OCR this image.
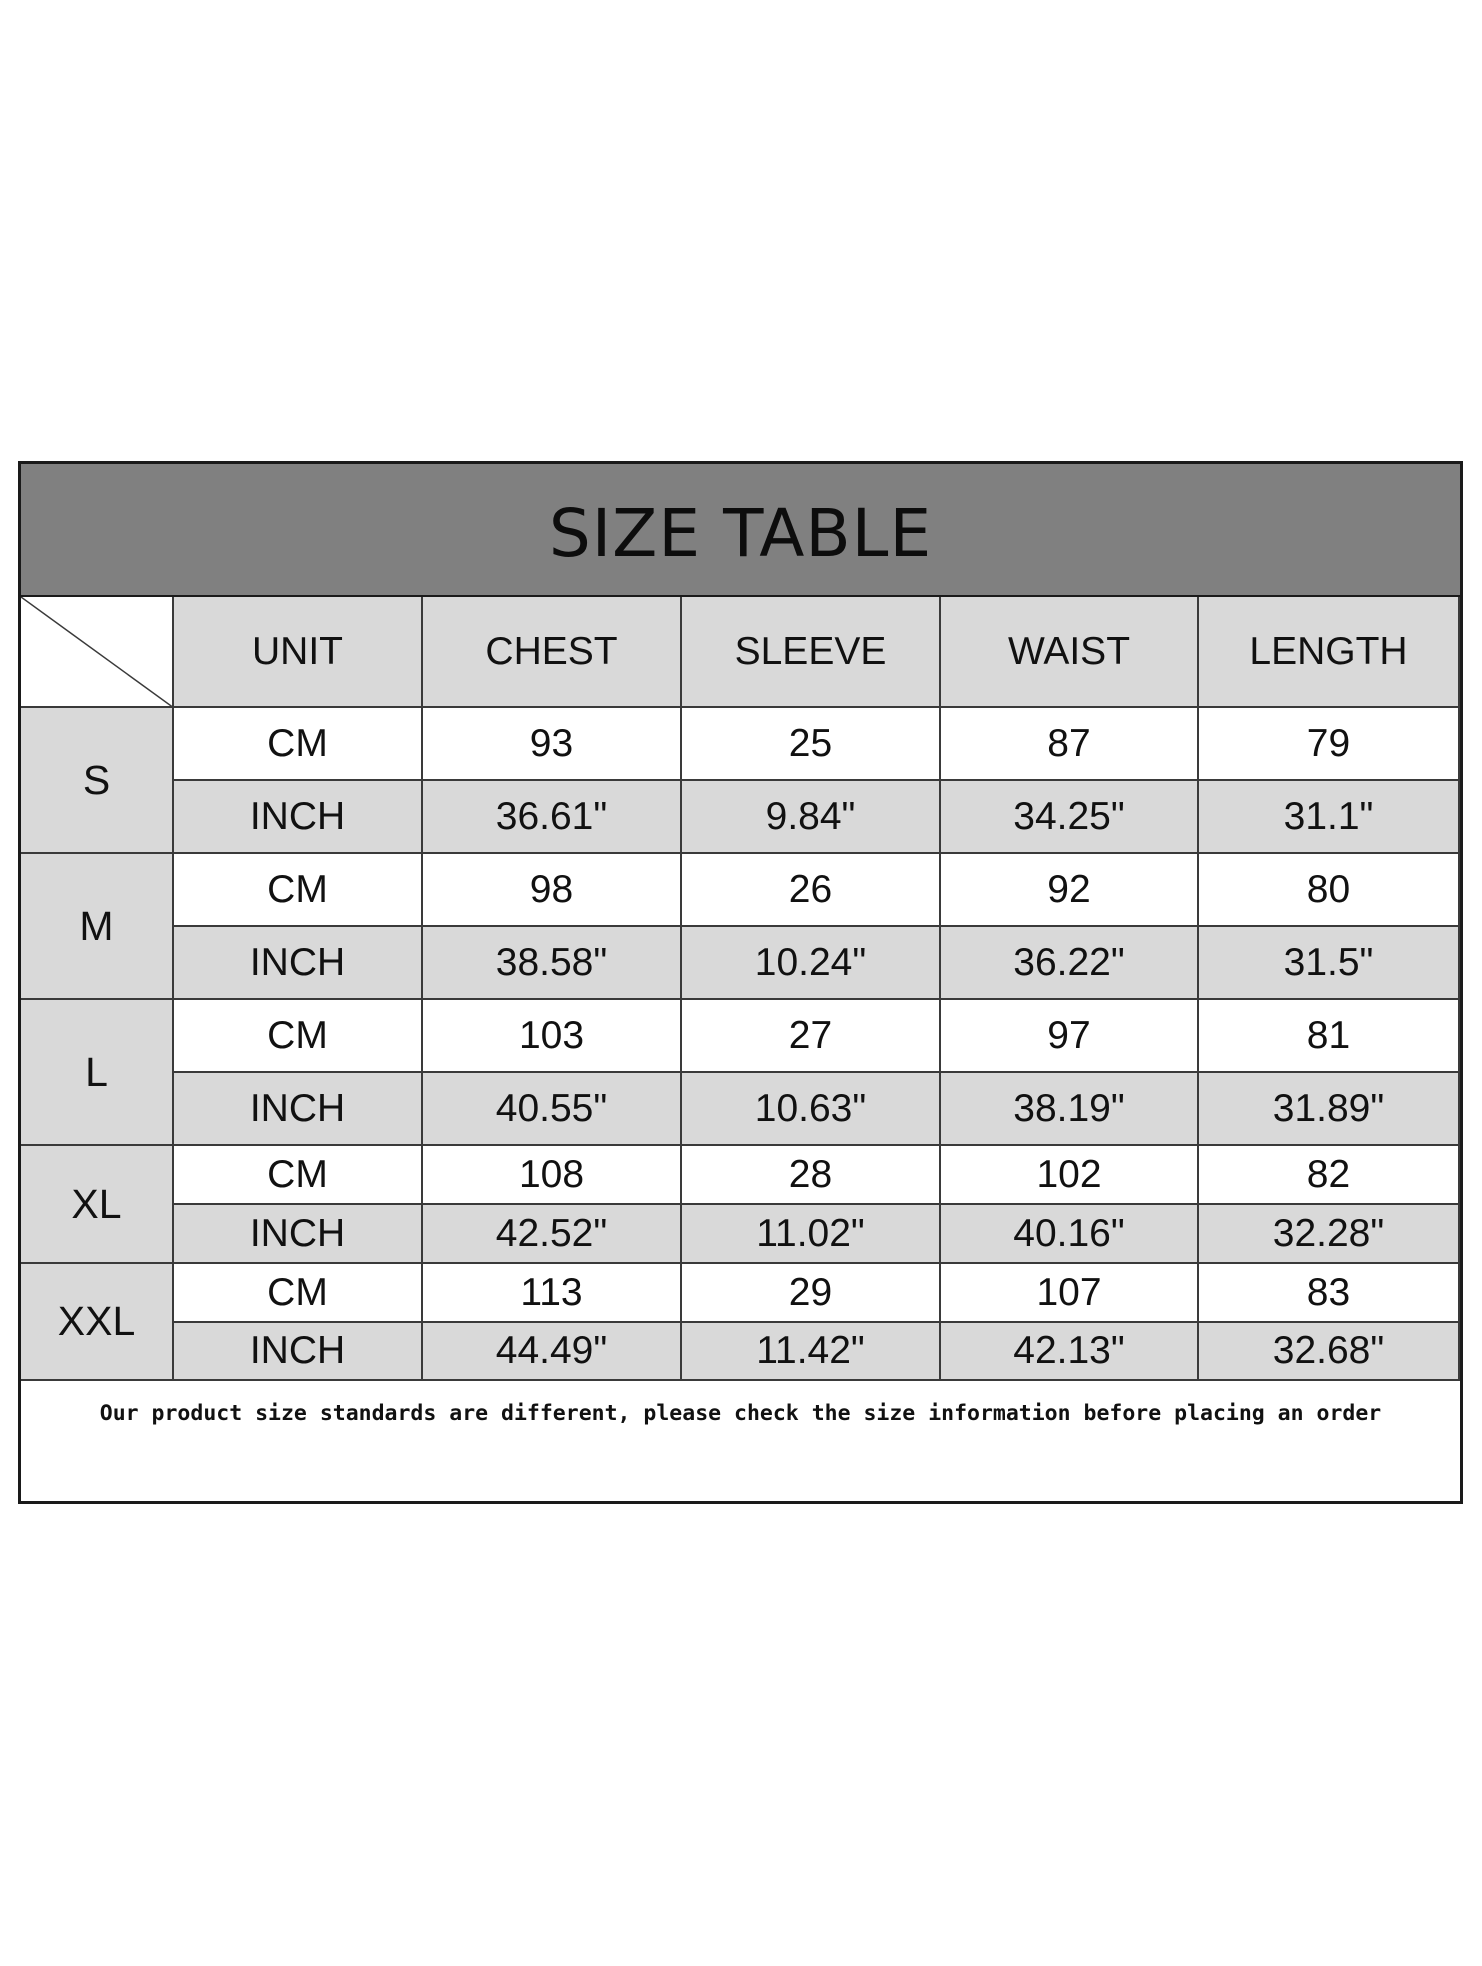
SIZE TABLE
UNIT	CHEST	SLEEVE	WAIST	LENGTH
S
CM	93	25	87	79
INCH	36.61"	9.84"	34.25"	31.1"
M
CM	98	26	92	80
INCH	38.58"	10.24"	36.22"	31.5"
L
CM	103	27	97	81
INCH	40.55"	10.63"	38.19"	31.89"
XL
CM	108	28	102	82
INCH	42.52"	11.02"	40.16"	32.28"
XXL
CM	113	29	107	83
INCH	44.49"	11.42"	42.13"	32.68"
Our product size standards are different, please check the size information before placing an order
